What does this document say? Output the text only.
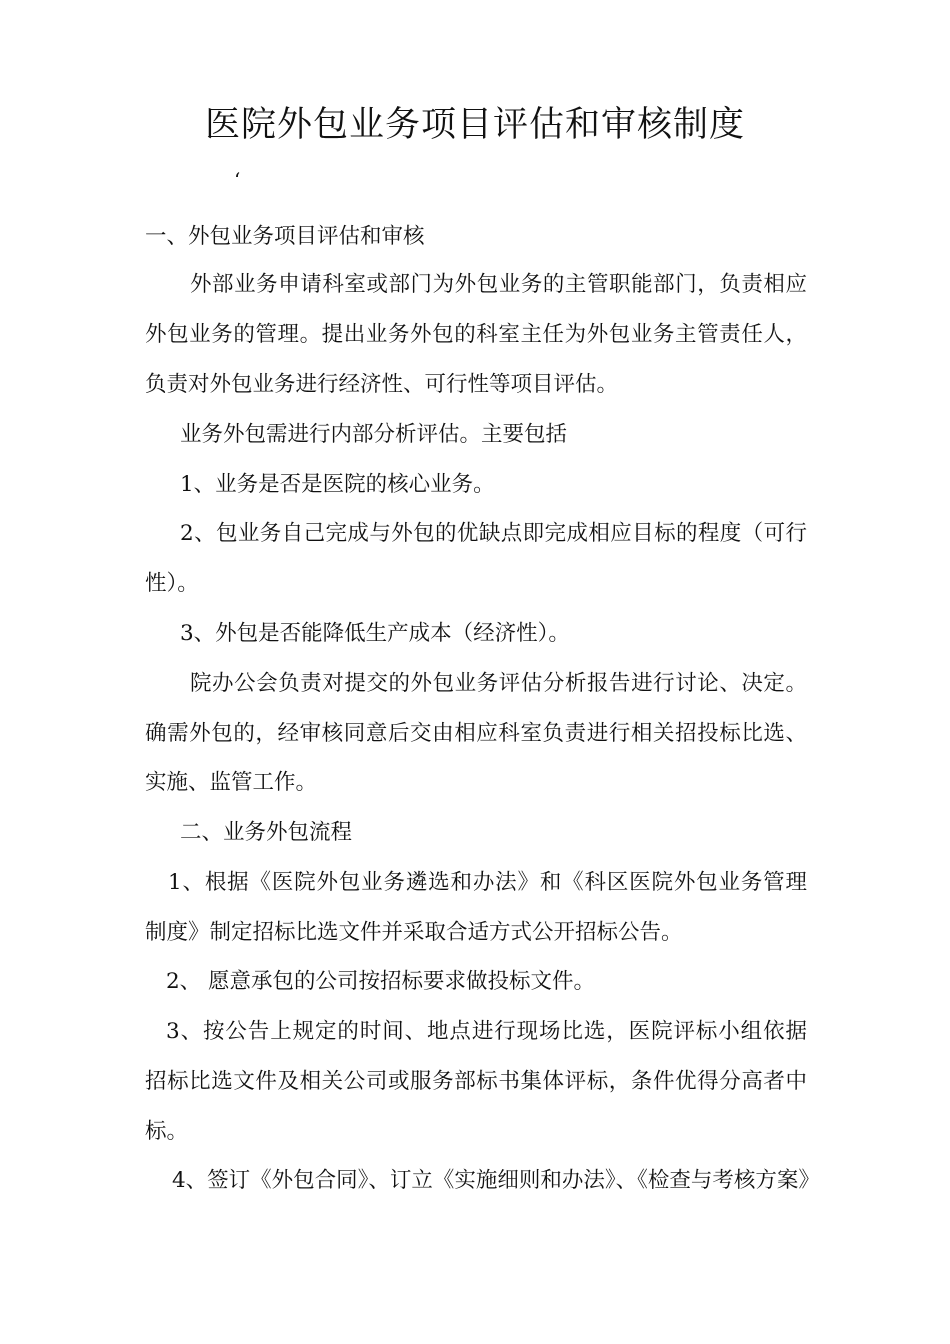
医院外包业务项目评估和审核制度
‘
一、外包业务项目评估和审核
外部业务申请科室或部门为外包业务的主管职能部门，负责相应
外包业务的管理。提出业务外包的科室主任为外包业务主管责任人，
负责对外包业务进行经济性、可行性等项目评估。
业务外包需进行内部分析评估。主要包括
1、业务是否是医院的核心业务。
2、包业务自己完成与外包的优缺点即完成相应目标的程度（可行
性）。
3、外包是否能降低生产成本（经济性）。
院办公会负责对提交的外包业务评估分析报告进行讨论、决定。
确需外包的，经审核同意后交由相应科室负责进行相关招投标比选、
实施、监管工作。
二、业务外包流程
1、根据《医院外包业务遴选和办法》和《科区医院外包业务管理
制度》制定招标比选文件并采取合适方式公开招标公告。
2、 愿意承包的公司按招标要求做投标文件。
3、按公告上规定的时间、地点进行现场比选，医院评标小组依据
招标比选文件及相关公司或服务部标书集体评标，条件优得分高者中
标。
4、签订《外包合同》、订立《实施细则和办法》、《检查与考核方案》
